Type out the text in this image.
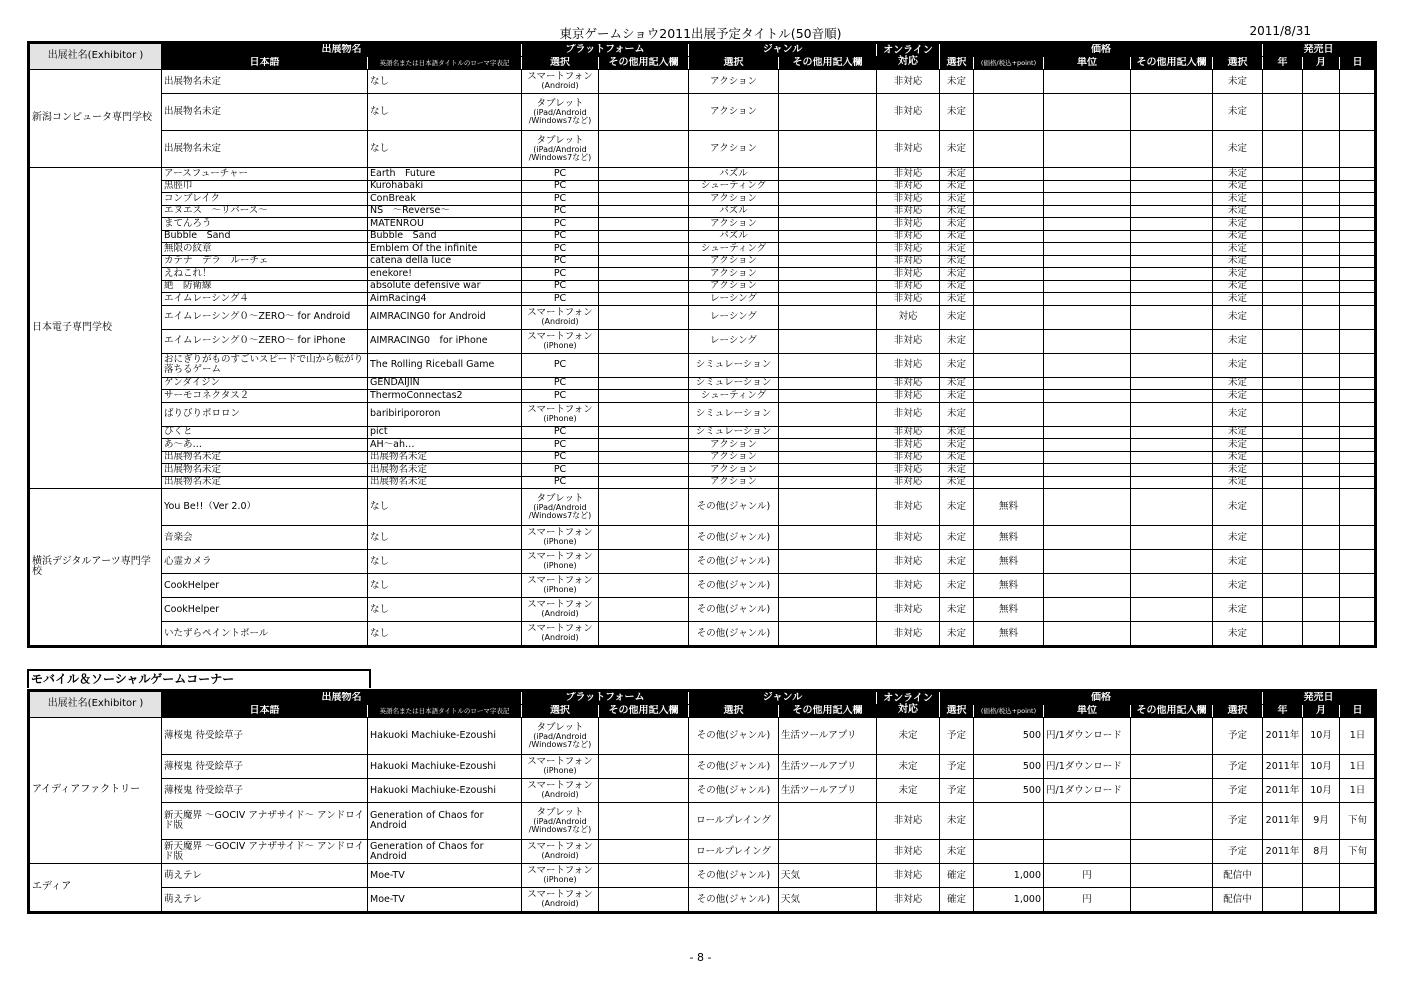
東京ゲームショウ2011出展予定タイトル(50音順)	2011/8/31
出展社名(Exhibitor )	出展物名		プラットフォーム		ジャンル		オンライン対応	価格					発売日		
	日本語	英語名または日本語タイトルのローマ字表記	選択	その他用記入欄	選択	その他用記入欄		選択	(価格/税込+point)	単位	その他用記入欄	選択	年	月	日
新潟コンピュータ専門学校	出展物名未定	なし	スマートフォン
(Android)		アクション		非対応	未定				未定			
	出展物名未定	なし	タブレット
(iPad/Android /Windows7など)		アクション		非対応	未定				未定			
	出展物名未定	なし	タブレット
(iPad/Android /Windows7など)		アクション		非対応	未定				未定			
日本電子専門学校	アースフューチャー	Earth　Future	PC		パズル		非対応	未定				未定			
	黒脛巾	Kurohabaki	PC		シューティング		非対応	未定				未定			
	コンブレイク	ConBreak	PC		アクション		非対応	未定				未定			
	エヌエス　～リバース～	NS　～Reverse～	PC		パズル		非対応	未定				未定			
	まてんろう	MATENROU	PC		アクション		非対応	未定				未定			
	Bubble　Sand	Bubble　Sand	PC		パズル		非対応	未定				未定			
	無限の紋章	Emblem Of the infinite	PC		シューティング		非対応	未定				未定			
	カテナ　デラ　ルーチェ	catena della luce	PC		アクション		非対応	未定				未定			
	えねこれ！	enekore!	PC		アクション		非対応	未定				未定			
	絶　防衛線	absolute defensive war	PC		アクション		非対応	未定				未定			
	エイムレーシング４	AimRacing4	PC		レーシング		非対応	未定				未定			
	エイムレーシング０～ZERO～ for Android	AIMRACING0 for Android	スマートフォン
(Android)		レーシング		対応	未定				未定			
	エイムレーシング０～ZERO～ for iPhone	AIMRACING0　for iPhone	スマートフォン
(iPhone)		レーシング		非対応	未定				未定			
	おにぎりがものすごいスピードで山から転がり落ちるゲーム	The Rolling Riceball Game	PC		シミュレーション		非対応	未定				未定			
	ゲンダイジン	GENDAIJIN	PC		シミュレーション		非対応	未定				未定			
	サーモコネクタス２	ThermoConnectas2	PC		シューティング		非対応	未定				未定			
	ばりびりポロロン	baribiripororon	スマートフォン
(iPhone)		シミュレーション		非対応	未定				未定			
	ぴくと	pict	PC		シミュレーション		非対応	未定				未定			
	あ～あ…	AH～ah…	PC		アクション		非対応	未定				未定			
	出展物名未定	出展物名未定	PC		アクション		非対応	未定				未定			
	出展物名未定	出展物名未定	PC		アクション		非対応	未定				未定			
	出展物名未定	出展物名未定	PC		アクション		非対応	未定				未定			
横浜デジタルアーツ専門学校	You Be!!（Ver 2.0）	なし	タブレット
(iPad/Android /Windows7など)		その他(ジャンル)		非対応	未定	無料			未定			
	音楽会	なし	スマートフォン
(iPhone)		その他(ジャンル)		非対応	未定	無料			未定			
	心霊カメラ	なし	スマートフォン
(iPhone)		その他(ジャンル)		非対応	未定	無料			未定			
	CookHelper	なし	スマートフォン
(iPhone)		その他(ジャンル)		非対応	未定	無料			未定			
	CookHelper	なし	スマートフォン
(Android)		その他(ジャンル)		非対応	未定	無料			未定			
	いたずらペイントボール	なし	スマートフォン
(Android)		その他(ジャンル)		非対応	未定	無料			未定			
モバイル＆ソーシャルゲームコーナー
出展社名(Exhibitor )	出展物名		プラットフォーム		ジャンル		オンライン対応	価格					発売日		
	日本語	英語名または日本語タイトルのローマ字表記	選択	その他用記入欄	選択	その他用記入欄		選択	(価格/税込+point)	単位	その他用記入欄	選択	年	月	日
アイディアファクトリー	薄桜鬼 待受絵草子	Hakuoki Machiuke-Ezoushi	タブレット
(iPad/Android /Windows7など)		その他(ジャンル)	生活ツールアプリ	未定	予定	500	円/1ダウンロード		予定	2011年	10月	1日
	薄桜鬼 待受絵草子	Hakuoki Machiuke-Ezoushi	スマートフォン
(iPhone)		その他(ジャンル)	生活ツールアプリ	未定	予定	500	円/1ダウンロード		予定	2011年	10月	1日
	薄桜鬼 待受絵草子	Hakuoki Machiuke-Ezoushi	スマートフォン
(Android)		その他(ジャンル)	生活ツールアプリ	未定	予定	500	円/1ダウンロード		予定	2011年	10月	1日
	新天魔界 ～GOCIV アナザサイド～ アンドロイド版	Generation of Chaos for Android	タブレット
(iPad/Android /Windows7など)		ロールプレイング		非対応	未定				予定	2011年	9月	下旬
	新天魔界 ～GOCIV アナザサイド～ アンドロイド版	Generation of Chaos for Android	スマートフォン
(Android)		ロールプレイング		非対応	未定				予定	2011年	8月	下旬
エディア	萌えテレ	Moe-TV	スマートフォン
(iPhone)		その他(ジャンル)	天気	非対応	確定	1,000	円		配信中			
	萌えテレ	Moe-TV	スマートフォン
(Android)		その他(ジャンル)	天気	非対応	確定	1,000	円		配信中			
- 8 -
